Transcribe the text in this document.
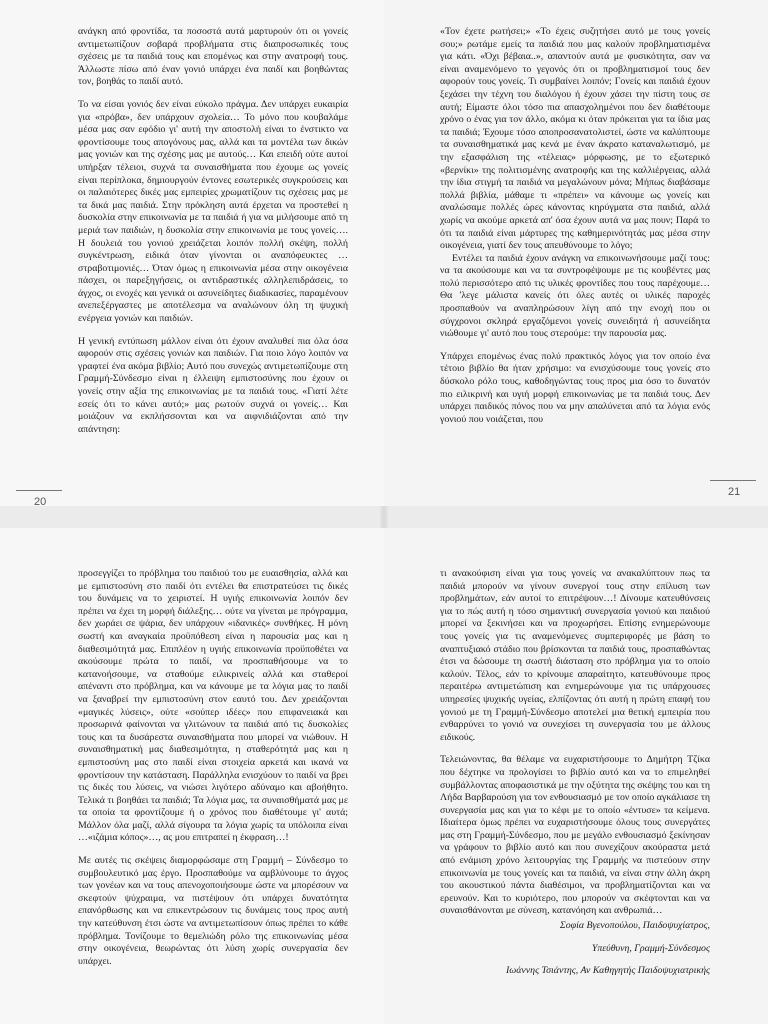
ανάγκη από φροντίδα, τα ποσοστά αυτά μαρτυρούν ότι οι γονείς αντιμετωπίζουν σοβαρά προβλήματα στις διαπροσωπικές τους σχέσεις με τα παιδιά τους και επομένως και στην ανατροφή τους. Άλλωστε πίσω από έναν γονιό υπάρχει ένα παιδί και βοηθώντας τον, βοηθάς το παιδί αυτό.

Το να είσαι γονιός δεν είναι εύκολο πράγμα. Δεν υπάρχει ευκαιρία για «πρόβα», δεν υπάρχουν σχολεία… Το μόνο που κουβαλάμε μέσα μας σαν εφόδιο γι' αυτή την αποστολή είναι το ένστικτο να φροντίσουμε τους απογόνους μας, αλλά και τα μοντέλα των δικών μας γονιών και της σχέσης μας με αυτούς… Και επειδή ούτε αυτοί υπήρξαν τέλειοι, συχνά τα συναισθήματα που έχουμε ως γονείς είναι περίπλοκα, δημιουργούν έντονες εσωτερικές συγκρούσεις και οι παλαιότερες δικές μας εμπειρίες χρωματίζουν τις σχέσεις μας με τα δικά μας παιδιά. Στην πρόκληση αυτά έρχεται να προστεθεί η δυσκολία στην επικοινωνία με τα παιδιά ή για να μιλήσουμε από τη μεριά των παιδιών, η δυσκολία στην επικοινωνία με τους γονείς…. Η δουλειά του γονιού χρειάζεται λοιπόν πολλή σκέψη, πολλή συγκέντρωση, ειδικά όταν γίνονται οι αναπόφευκτες …στραβοτιμονιές… Όταν όμως η επικοινωνία μέσα στην οικογένεια πάσχει, οι παρεξηγήσεις, οι αντιδραστικές αλληλεπιδράσεις, το άγχος, οι ενοχές και γενικά οι ασυνείδητες διαδικασίες, παραμένουν ανεπεξέργαστες με αποτέλεσμα να αναλώνουν όλη τη ψυχική ενέργεια γονιών και παιδιών.

Η γενική εντύπωση μάλλον είναι ότι έχουν αναλυθεί πια όλα όσα αφορούν στις σχέσεις γονιών και παιδιών. Για ποιο λόγο λοιπόν να γραφτεί ένα ακόμα βιβλίο; Αυτό που συνεχώς αντιμετωπίζουμε στη Γραμμή-Σύνδεσμο είναι η έλλειψη εμπιστοσύνης που έχουν οι γονείς στην αξία της επικοινωνίας με τα παιδιά τους. «Γιατί λέτε εσείς ότι το κάνει αυτό;» μας ρωτούν συχνά οι γονείς… Και μοιάζουν να εκπλήσσονται και να αιφνιδιάζονται από την απάντηση:

20

«Τον έχετε ρωτήσει;» «Το έχεις συζητήσει αυτό με τους γονείς σου;» ρωτάμε εμείς τα παιδιά που μας καλούν προβληματισμένα για κάτι. «Όχι βέβαια..», απαντούν αυτά με φυσικότητα, σαν να είναι αναμενόμενο το γεγονός ότι οι προβληματισμοί τους δεν αφορούν τους γονείς. Τι συμβαίνει λοιπόν; Γονείς και παιδιά έχουν ξεχάσει την τέχνη του διαλόγου ή έχουν χάσει την πίστη τους σε αυτή; Είμαστε όλοι τόσο πια απασχολημένοι που δεν διαθέτουμε χρόνο ο ένας για τον άλλο, ακόμα κι όταν πρόκειται για τα ίδια μας τα παιδιά; Έχουμε τόσο αποπροσανατολιστεί, ώστε να καλύπτουμε τα συναισθηματικά μας κενά με έναν άκρατο καταναλωτισμό, με την εξασφάλιση της «τέλειας» μόρφωσης, με το εξωτερικό «βερνίκι» της πολιτισμένης ανατροφής και της καλλιέργειας, αλλά την ίδια στιγμή τα παιδιά να μεγαλώνουν μόνα; Μήπως διαβάσαμε πολλά βιβλία, μάθαμε τι «πρέπει» να κάνουμε ως γονείς και αναλώσαμε πολλές ώρες κάνοντας κηρύγματα στα παιδιά, αλλά χωρίς να ακούμε αρκετά απ' όσα έχουν αυτά να μας πουν; Παρά το ότι τα παιδιά είναι μάρτυρες της καθημερινότητάς μας μέσα στην οικογένεια, γιατί δεν τους απευθύνουμε το λόγο;

Εντέλει τα παιδιά έχουν ανάγκη να επικοινωνήσουμε μαζί τους: να τα ακούσουμε και να τα συντροφέψουμε με τις κουβέντες μας πολύ περισσότερο από τις υλικές φροντίδες που τους παρέχουμε… Θα 'λεγε μάλιστα κανείς ότι όλες αυτές οι υλικές παροχές προσπαθούν να αναπληρώσουν λίγη από την ενοχή που οι σύγχρονοι σκληρά εργαζόμενοι γονείς συνειδητά ή ασυνείδητα νιώθουμε γι' αυτό που τους στερούμε: την παρουσία μας.

Υπάρχει επομένως ένας πολύ πρακτικός λόγος για τον οποίο ένα τέτοιο βιβλίο θα ήταν χρήσιμο: να ενισχύσουμε τους γονείς στο δύσκολο ρόλο τους, καθοδηγώντας τους προς μια όσο το δυνατόν πιο ειλικρινή και υγιή μορφή επικοινωνίας με τα παιδιά τους. Δεν υπάρχει παιδικός πόνος που να μην απαλύνεται από τα λόγια ενός γονιού που νοιάζεται, που

21

προσεγγίζει το πρόβλημα του παιδιού του με ευαισθησία, αλλά και με εμπιστοσύνη στο παιδί ότι εντέλει θα επιστρατεύσει τις δικές του δυνάμεις να το χειριστεί. Η υγιής επικοινωνία λοιπόν δεν πρέπει να έχει τη μορφή διάλεξης… ούτε να γίνεται με πρόγραμμα, δεν χωράει σε ψάρια, δεν υπάρχουν «ιδανικές» συνθήκες. Η μόνη σωστή και αναγκαία προϋπόθεση είναι η παρουσία μας και η διαθεσιμότητά μας. Επιπλέον η υγιής επικοινωνία προϋποθέτει να ακούσουμε πρώτα το παιδί, να προσπαθήσουμε να το κατανοήσουμε, να σταθούμε ειλικρινείς αλλά και σταθεροί απέναντι στο πρόβλημα, και να κάνουμε με τα λόγια μας το παιδί να ξαναβρεί την εμπιστοσύνη στον εαυτό του. Δεν χρειάζονται «μαγικές λύσεις», ούτε «σούπερ ιδέες» που επιφανειακά και προσωρινά φαίνονται να γλιτώνουν τα παιδιά από τις δυσκολίες τους και τα δυσάρεστα συναισθήματα που μπορεί να νιώθουν. Η συναισθηματική μας διαθεσιμότητα, η σταθερότητά μας και η εμπιστοσύνη μας στο παιδί είναι στοιχεία αρκετά και ικανά να φροντίσουν την κατάσταση. Παράλληλα ενισχύουν το παιδί να βρει τις δικές του λύσεις, να νιώσει λιγότερο αδύναμο και αβοήθητο. Τελικά τι βοηθάει τα παιδιά; Τα λόγια μας, τα συναισθήματά μας με τα οποία τα φροντίζουμε ή ο χρόνος που διαθέτουμε γι' αυτά; Μάλλον όλα μαζί, αλλά σίγουρα τα λόγια χωρίς τα υπόλοιπα είναι …«ιζάμια κόπος»…, ας μου επιτραπεί η έκφραση…!

Με αυτές τις σκέψεις διαμορφώσαμε στη Γραμμή – Σύνδεσμο το συμβουλευτικό μας έργο. Προσπαθούμε να αμβλύνουμε το άγχος των γονέων και να τους απενοχοποιήσουμε ώστε να μπορέσουν να σκεφτούν ψύχραιμα, να πιστέψουν ότι υπάρχει δυνατότητα επανόρθωσης και να επικεντρώσουν τις δυνάμεις τους προς αυτή την κατεύθυνση έτσι ώστε να αντιμετωπίσουν όπως πρέπει το κάθε πρόβλημα. Τονίζουμε το θεμελιώδη ρόλο της επικοινωνίας μέσα στην οικογένεια, θεωρώντας ότι λύση χωρίς συνεργασία δεν υπάρχει.

τι ανακούφιση είναι για τους γονείς να ανακαλύπτουν πως τα παιδιά μπορούν να γίνουν συνεργοί τους στην επίλυση των προβλημάτων, εάν αυτοί το επιτρέψουν…! Δίνουμε κατευθύνσεις για το πώς αυτή η τόσο σημαντική συνεργασία γονιού και παιδιού μπορεί να ξεκινήσει και να προχωρήσει. Επίσης ενημερώνουμε τους γονείς για τις αναμενόμενες συμπεριφορές με βάση το αναπτυξιακό στάδιο που βρίσκονται τα παιδιά τους, προσπαθώντας έτσι να δώσουμε τη σωστή διάσταση στο πρόβλημα για το οποίο καλούν. Τέλος, εάν το κρίνουμε απαραίτητο, κατευθύνουμε προς περαιτέρω αντιμετώπιση και ενημερώνουμε για τις υπάρχουσες υπηρεσίες ψυχικής υγείας, ελπίζοντας ότι αυτή η πρώτη επαφή του γονιού με τη Γραμμή-Σύνδεσμο αποτελεί μια θετική εμπειρία που ενθαρρύνει το γονιό να συνεχίσει τη συνεργασία του με άλλους ειδικούς.

Τελειώνοντας, θα θέλαμε να ευχαριστήσουμε το Δημήτρη Τζίκα που δέχτηκε να προλογίσει το βιβλίο αυτό και να το επιμεληθεί συμβάλλοντας αποφασιστικά με την οξύτητα της σκέψης του και τη Λήδα Βαρβαρούση για τον ενθουσιασμό με τον οποίο αγκάλιασε τη συνεργασία μας και για το κέφι με το οποίο «έντυσε» τα κείμενα. Ιδιαίτερα όμως πρέπει να ευχαριστήσουμε όλους τους συνεργάτες μας στη Γραμμή-Σύνδεσμο, που με μεγάλο ενθουσιασμό ξεκίνησαν να γράφουν το βιβλίο αυτό και που συνεχίζουν ακούραστα μετά από ενάμιση χρόνο λειτουργίας της Γραμμής να πιστεύουν στην επικοινωνία με τους γονείς και τα παιδιά, να είναι στην άλλη άκρη του ακουστικού πάντα διαθέσιμοι, να προβληματίζονται και να ερευνούν. Και το κυριότερο, που μπορούν να σκέφτονται και να συναισθάνονται με σύνεση, κατανόηση και ανθρωπιά…

Σοφία Βγενοπούλου, Παιδοψυχίατρος,

Υπεύθυνη, Γραμμή-Σύνδεσμος

Ιωάννης Τσιάντης, Αν Καθηγητής Παιδοψυχιατρικής
